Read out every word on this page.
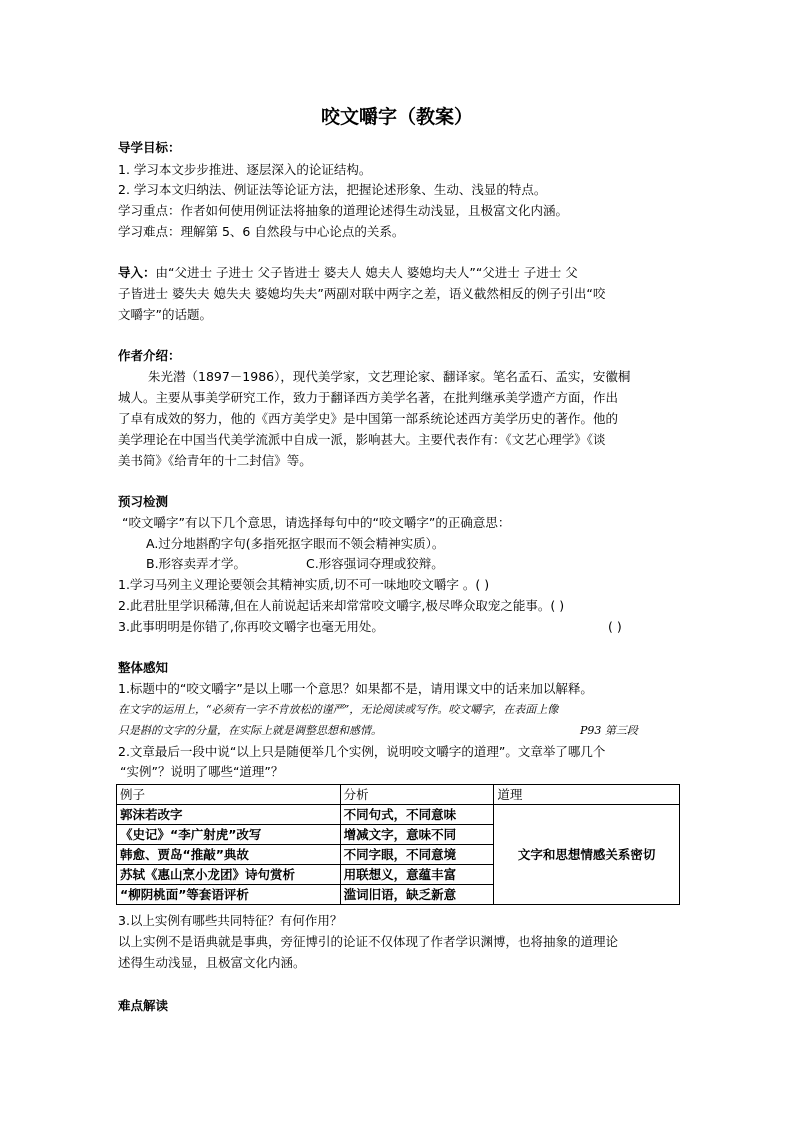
咬文嚼字（教案）
导学目标：
1. 学习本文步步推进、逐层深入的论证结构。
2. 学习本文归纳法、例证法等论证方法，把握论述形象、生动、浅显的特点。
学习重点：作者如何使用例证法将抽象的道理论述得生动浅显，且极富文化内涵。
学习难点：理解第 5、6 自然段与中心论点的关系。
导入：由“父进士 子进士 父子皆进士 婆夫人 媳夫人 婆媳均夫人”“父进士 子进士 父
子皆进士 婆失夫 媳失夫 婆媳均失夫”两副对联中两字之差，语义截然相反的例子引出“咬
文嚼字”的话题。
作者介绍：
朱光潜（1897－1986），现代美学家，文艺理论家、翻译家。笔名孟石、孟实，安徽桐
城人。主要从事美学研究工作，致力于翻译西方美学名著，在批判继承美学遗产方面，作出
了卓有成效的努力，他的《西方美学史》是中国第一部系统论述西方美学历史的著作。他的
美学理论在中国当代美学流派中自成一派，影响甚大。主要代表作有：《文艺心理学》《谈
美书简》《给青年的十二封信》等。
预习检测
“咬文嚼字”有以下几个意思，请选择每句中的“咬文嚼字”的正确意思：
A.过分地斟酌字句(多指死抠字眼而不领会精神实质）。
B.形容卖弄才学。	C.形容强词夺理或狡辩。
1.学习马列主义理论要领会其精神实质,切不可一味地咬文嚼字 。( )
2.此君肚里学识稀薄,但在人前说起话来却常常咬文嚼字,极尽哗众取宠之能事。( )
3.此事明明是你错了,你再咬文嚼字也毫无用处。	( )
整体感知
1.标题中的“咬文嚼字”是以上哪一个意思？如果都不是，请用课文中的话来加以解释。
在文字的运用上，“必须有一字不肯放松的谨严”，无论阅读或写作。咬文嚼字，在表面上像
只是斟的文字的分量，在实际上就是调整思想和感情。	P93 第三段
2.文章最后一段中说“以上只是随便举几个实例，说明咬文嚼字的道理”。文章举了哪几个
“实例”？说明了哪些“道理”？
例子	分析	道理
郭沫若改字	不同句式，不同意味	文字和思想情感关系密切
《史记》“李广射虎”改写	增减文字，意味不同	
韩愈、贾岛“推敲”典故	不同字眼，不同意境	
苏轼《惠山烹小龙团》诗句赏析	用联想义，意蕴丰富	
“柳阴桃面”等套语评析	滥词旧语，缺乏新意	
3.以上实例有哪些共同特征？有何作用？
以上实例不是语典就是事典，旁征博引的论证不仅体现了作者学识渊博，也将抽象的道理论
述得生动浅显，且极富文化内涵。
难点解读
